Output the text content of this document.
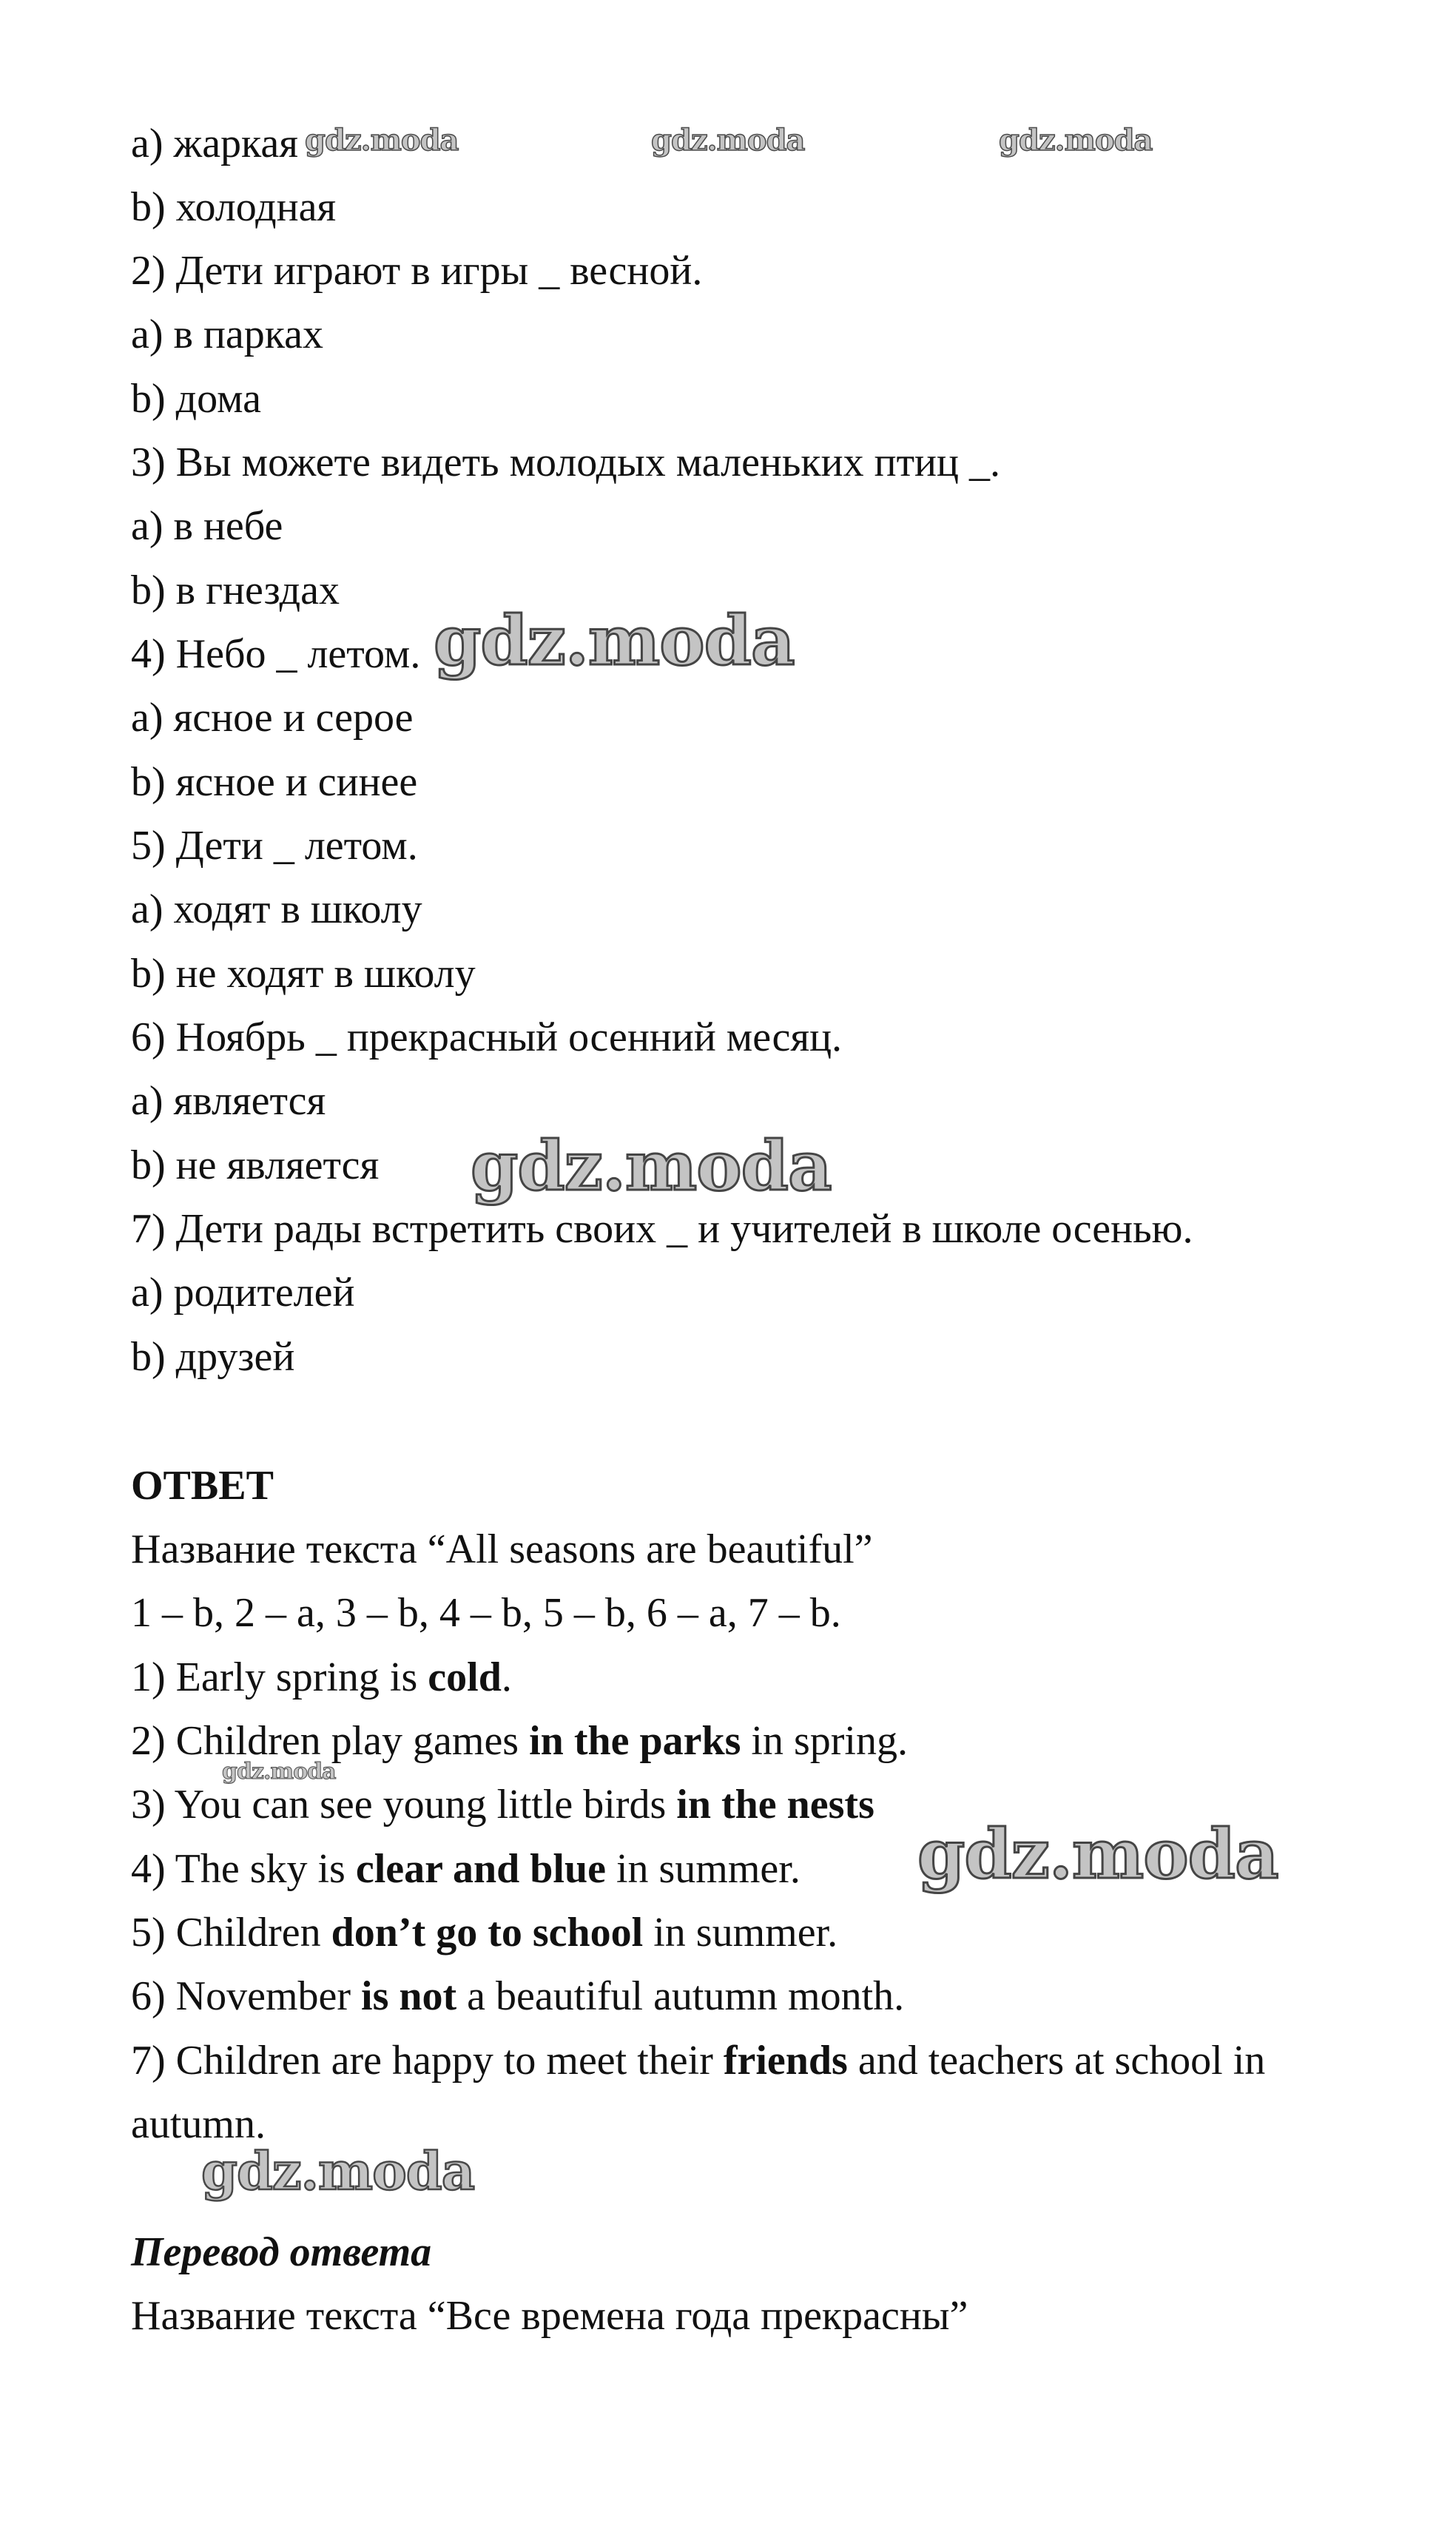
a) жаркая
b) холодная
2) Дети играют в игры _ весной.
a) в парках
b) дома
3) Вы можете видеть молодых маленьких птиц _.
a) в небе
b) в гнездах
4) Небо _ летом.
a) ясное и серое
b) ясное и синее
5) Дети _ летом.
a) ходят в школу
b) не ходят в школу
6) Ноябрь _ прекрасный осенний месяц.
a) является
b) не является
7) Дети рады встретить своих _ и учителей в школе осенью.
a) родителей
b) друзей
ОТВЕТ
Название текста “All seasons are beautiful”
1 – b, 2 – a, 3 – b, 4 – b, 5 – b, 6 – a, 7 – b.
1) Early spring is cold.
2) Children play games in the parks in spring.
3) You can see young little birds in the nests
4) The sky is clear and blue in summer.
5) Children don’t go to school in summer.
6) November is not a beautiful autumn month.
7) Children are happy to meet their friends and teachers at school in
autumn.
Перевод ответа
Название текста “Все времена года прекрасны”
gdz.moda	gdz.moda	gdz.moda
gdz.moda
gdz.moda
gdz.moda
gdz.moda
gdz.moda
